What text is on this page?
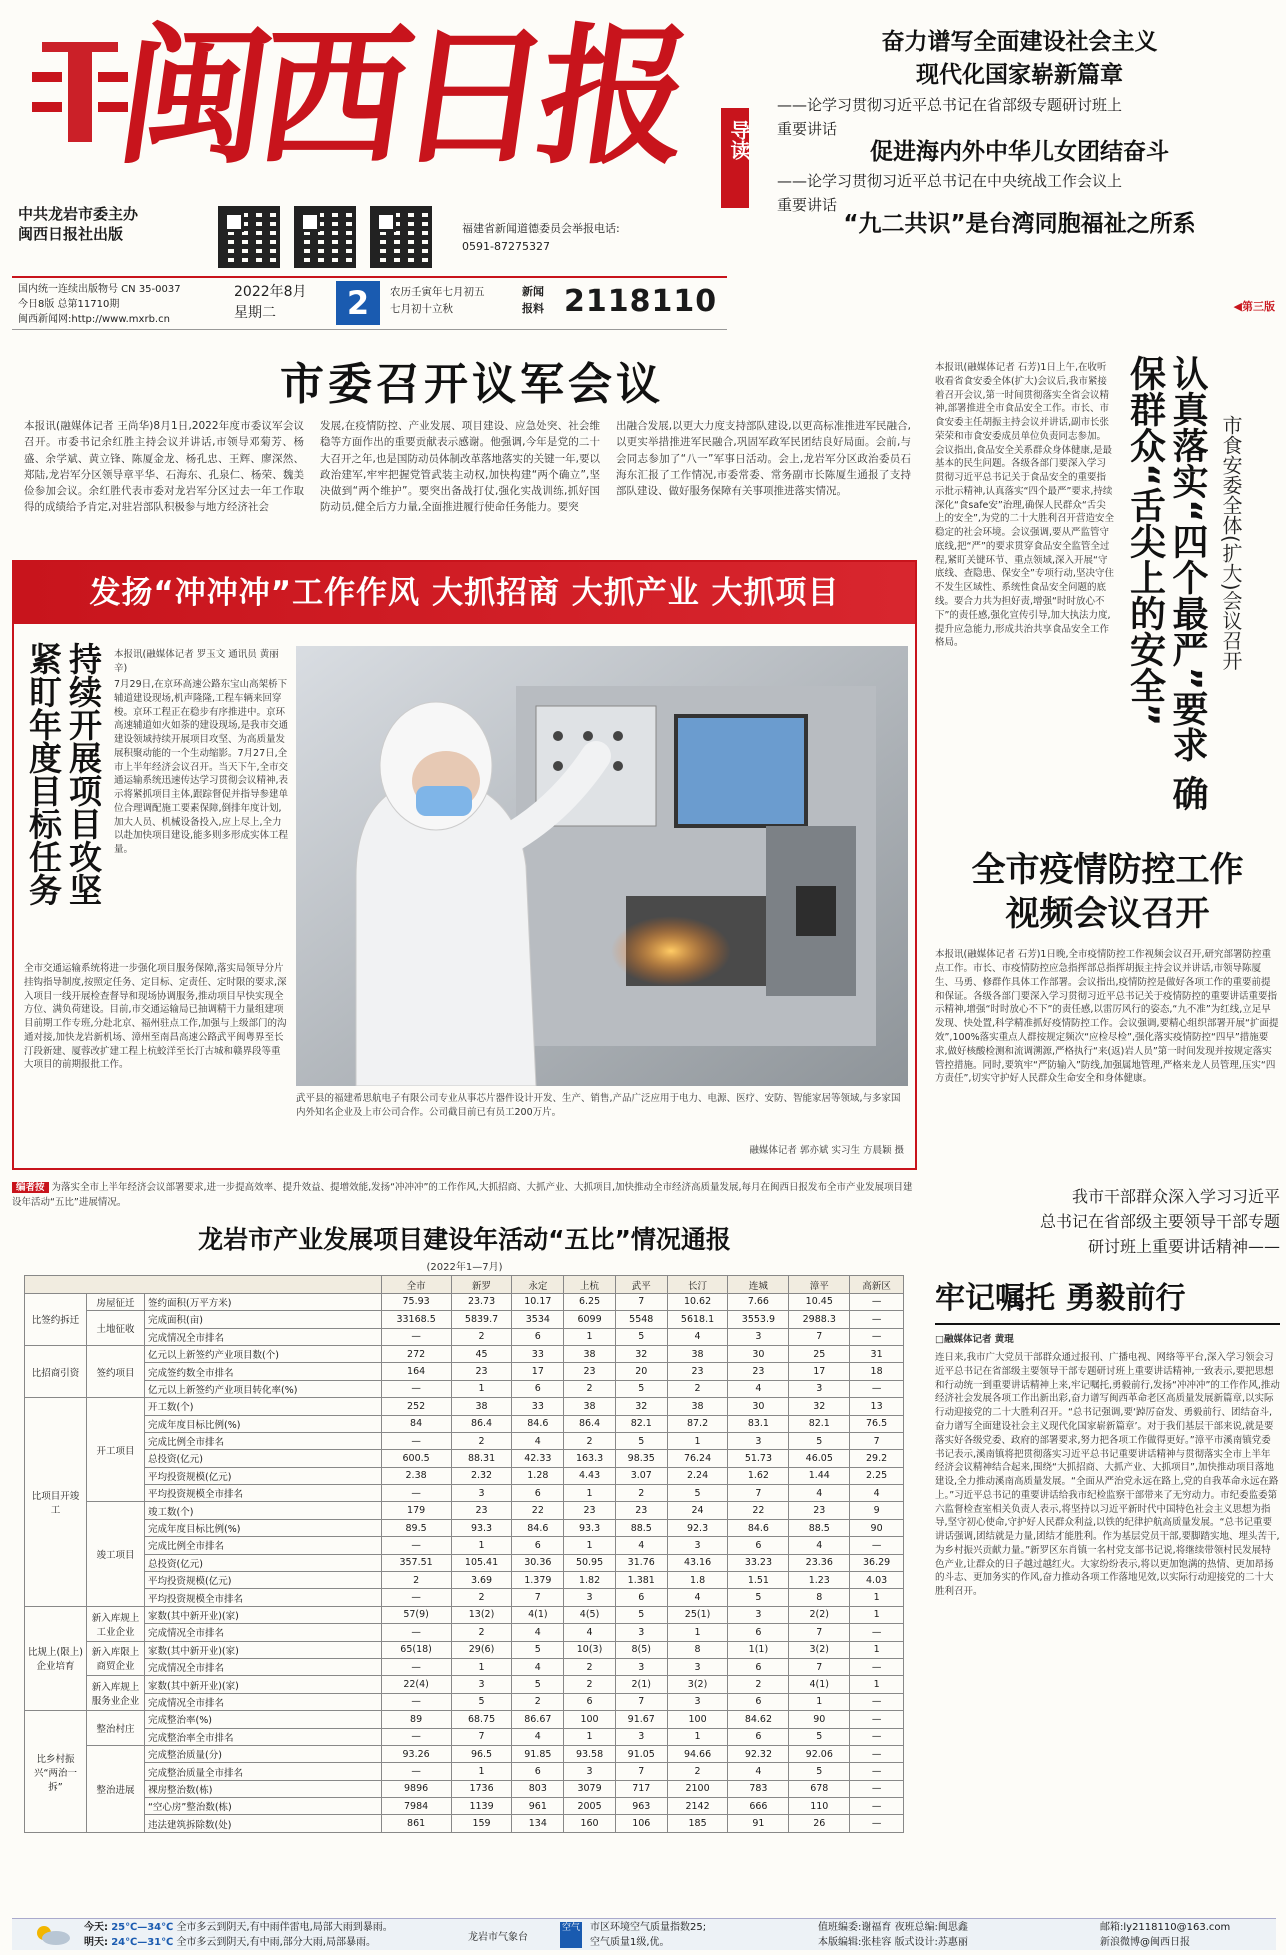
闽西日报
中共龙岩市委主办
闽西日报社出版	福建省新闻道德委员会举报电话:
0591-87275327
国内统一连续出版物号 CN 35-0037
今日8版 总第11710期
闽西新闻网:http://www.mxrb.cn
2022年8月
星期二	2	农历壬寅年七月初五
七月初十立秋
新闻
报料 2118110
导读
奋力谱写全面建设社会主义
现代化国家崭新篇章
——论学习贯彻习近平总书记在省部级专题研讨班上
重要讲话
促进海内外中华儿女团结奋斗
——论学习贯彻习近平总书记在中央统战工作会议上
重要讲话
“九二共识”是台湾同胞福祉之所系
◀第三版
市委召开议军会议
本报讯(融媒体记者 王尚华)8月1日,2022年度市委议军会议召开。市委书记余红胜主持会议并讲话,市领导邓菊芳、杨盛、余学斌、黄立锋、陈厦金龙、杨孔忠、王辉、廖深然、郑陆,龙岩军分区领导章平华、石海东、孔泉仁、杨荣、魏美俭参加会议。余红胜代表市委对龙岩军分区过去一年工作取得的成绩给予肯定,对驻岩部队积极参与地方经济社会
发展,在疫情防控、产业发展、项目建设、应急处突、社会维稳等方面作出的重要贡献表示感谢。他强调,今年是党的二十大召开之年,也是国防动员体制改革落地落实的关键一年,要以政治建军,牢牢把握党管武装主动权,加快构建“两个确立”,坚决做到“两个维护”。要突出备战打仗,强化实战训练,抓好国防动员,健全后方力量,全面推进履行使命任务能力。要突
出融合发展,以更大力度支持部队建设,以更高标准推进军民融合,以更实举措推进军民融合,巩固军政军民团结良好局面。会前,与会同志参加了“八一”军事日活动。会上,龙岩军分区政治委员石海东汇报了工作情况,市委常委、常务副市长陈厦生通报了支持部队建设、做好服务保障有关事项推进落实情况。
发扬“冲冲冲”工作作风 大抓招商 大抓产业 大抓项目
持续开展项目攻坚
紧盯年度目标任务	本报讯(融媒体记者 罗玉文 通讯员 黄丽辛)
7月29日,在京环高速公路东宝山高架桥下辅道建设现场,机声隆隆,工程车辆来回穿梭。京环工程正在稳步有序推进中。京环高速辅道如火如荼的建设现场,是我市交通建设领域持续开展项目攻坚、为高质量发展积聚动能的一个生动缩影。7月27日,全市上半年经济会议召开。当天下午,全市交通运输系统迅速传达学习贯彻会议精神,表示将紧抓项目主体,跟踪督促并指导参建单位合理调配施工要素保障,倒排年度计划,加大人员、机械设备投入,应上尽上,全力以赴加快项目建设,能多则多形成实体工程量。
全市交通运输系统将进一步强化项目服务保障,落实局领导分片挂钩指导制度,按照定任务、定目标、定责任、定时限的要求,深入项目一线开展检查督导和现场协调服务,推动项目早快实现全方位、满负荷建设。目前,市交通运输局已抽调精干力量组建项目前期工作专班,分赴北京、福州驻点工作,加强与上级部门的沟通对接,加快龙岩新机场、漳州至南昌高速公路武平闽粤界至长汀段新建、厦蓉改扩建工程上杭蛟洋至长汀古城和赣界段等重大项目的前期报批工作。
武平县的福建希思航电子有限公司专业从事芯片器件设计开发、生产、销售,产品广泛应用于电力、电源、医疗、安防、智能家居等领域,与多家国内外知名企业及上市公司合作。公司截目前已有员工200万片。
融媒体记者 郭亦斌 实习生 方晨颖 摄
本报讯(融媒体记者 石芳)1日上午,在收听收看省食安委全体(扩大)会议后,我市紧接着召开会议,第一时间贯彻落实全省会议精神,部署推进全市食品安全工作。市长、市食安委主任胡振主持会议并讲话,副市长张荣荣和市食安委成员单位负责同志参加。会议指出,食品安全关系群众身体健康,是最基本的民生问题。各级各部门要深入学习贯彻习近平总书记关于食品安全的重要指示批示精神,认真落实“四个最严”要求,持续深化“食safe安”治理,确保人民群众“舌尖上的安全”,为党的二十大胜利召开营造安全稳定的社会环境。会议强调,要从严监管守底线,把“严”的要求贯穿食品安全监管全过程,紧盯关键环节、重点领域,深入开展“守底线、查隐患、保安全”专项行动,坚决守住不发生区域性、系统性食品安全问题的底线。要合力共为担好责,增强“时时放心不下”的责任感,强化宣传引导,加大执法力度,提升应急能力,形成共治共享食品安全工作格局。	认真落实“四个最严”要求 确保群众“舌尖上的安全”	市食安委全体(扩大)会议召开
全市疫情防控工作
视频会议召开
本报讯(融媒体记者 石芳)1日晚,全市疫情防控工作视频会议召开,研究部署防控重点工作。市长、市疫情防控应急指挥部总指挥胡振主持会议并讲话,市领导陈厦生、马勇、修群作具体工作部署。会议指出,疫情防控是做好各项工作的重要前提和保证。各级各部门要深入学习贯彻习近平总书记关于疫情防控的重要讲话重要指示精神,增强“时时放心不下”的责任感,以雷厉风行的姿态,“九不准”为红线,立足早发现、快处置,科学精准抓好疫情防控工作。会议强调,要精心组织部署开展“扩面提效”,100%落实重点人群按规定频次“应检尽检”,强化落实疫情防控“四早”措施要求,做好核酸检测和流调溯源,严格执行“来(返)岩人员”第一时间发现并按规定落实管控措施。同时,要筑牢“严防输入”防线,加强属地管理,严格来龙人员管理,压实“四方责任”,切实守护好人民群众生命安全和身体健康。
编者按 为落实全市上半年经济会议部署要求,进一步提高效率、提升效益、提增效能,发扬“冲冲冲”的工作作风,大抓招商、大抓产业、大抓项目,加快推动全市经济高质量发展,每月在闽西日报发布全市产业发展项目建设年活动“五比”进展情况。
龙岩市产业发展项目建设年活动“五比”情况通报
(2022年1—7月)
			全市	新罗	永定	上杭	武平	长汀	连城	漳平	高新区
比签约拆迁	房屋征迁	签约面积(万平方米)	75.93	23.73	10.17	6.25	7	10.62	7.66	10.45	—
	土地征收	完成面积(亩)	33168.5	5839.7	3534	6099	5548	5618.1	3553.9	2988.3	—
		完成情况全市排名	—	2	6	1	5	4	3	7	—
比招商引资	签约项目	亿元以上新签约产业项目数(个)	272	45	33	38	32	38	30	25	31
		完成签约数全市排名	164	23	17	23	20	23	23	17	18
		亿元以上新签约产业项目转化率(%)	—	1	6	2	5	2	4	3	—
比项目开竣工	开工项目	开工数(个)	252	38	33	38	32	38	30	32	13
		完成年度目标比例(%)	84	86.4	84.6	86.4	82.1	87.2	83.1	82.1	76.5
		完成比例全市排名	—	2	4	2	5	1	3	5	7
		总投资(亿元)	600.5	88.31	42.33	163.3	98.35	76.24	51.73	46.05	29.2
		平均投资规模(亿元)	2.38	2.32	1.28	4.43	3.07	2.24	1.62	1.44	2.25
		平均投资规模全市排名	—	3	6	1	2	5	7	4	4
	竣工项目	竣工数(个)	179	23	22	23	23	24	22	23	9
		完成年度目标比例(%)	89.5	93.3	84.6	93.3	88.5	92.3	84.6	88.5	90
		完成比例全市排名	—	1	6	1	4	3	6	4	—
		总投资(亿元)	357.51	105.41	30.36	50.95	31.76	43.16	33.23	23.36	36.29
		平均投资规模(亿元)	2	3.69	1.379	1.82	1.381	1.8	1.51	1.23	4.03
		平均投资规模全市排名	—	2	7	3	6	4	5	8	1
比规上(限上)企业培育	新入库规上工业企业	家数(其中新开业)(家)	57(9)	13(2)	4(1)	4(5)	5	25(1)	3	2(2)	1
		完成情况全市排名	—	2	4	4	3	1	6	7	—
	新入库限上商贸企业	家数(其中新开业)(家)	65(18)	29(6)	5	10(3)	8(5)	8	1(1)	3(2)	1
		完成情况全市排名	—	1	4	2	3	3	6	7	—
	新入库规上服务业企业	家数(其中新开业)(家)	22(4)	3	5	2	2(1)	3(2)	2	4(1)	1
		完成情况全市排名	—	5	2	6	7	3	6	1	—
比乡村振兴“两治一拆”	整治村庄	完成整治率(%)	89	68.75	86.67	100	91.67	100	84.62	90	—
		完成整治率全市排名	—	7	4	1	3	1	6	5	—
	整治进展	完成整治质量(分)	93.26	96.5	91.85	93.58	91.05	94.66	92.32	92.06	—
		完成整治质量全市排名	—	1	6	3	7	2	4	5	—
		裸房整治数(栋)	9896	1736	803	3079	717	2100	783	678	—
		“空心房”整治数(栋)	7984	1139	961	2005	963	2142	666	110	—
		违法建筑拆除数(处)	861	159	134	160	106	185	91	26	—
我市干部群众深入学习习近平
总书记在省部级主要领导干部专题
研讨班上重要讲话精神——
牢记嘱托 勇毅前行
□融媒体记者 黄琨
连日来,我市广大党员干部群众通过报刊、广播电视、网络等平台,深入学习领会习近平总书记在省部级主要领导干部专题研讨班上重要讲话精神,一致表示,要把思想和行动统一到重要讲话精神上来,牢记嘱托,勇毅前行,发扬“冲冲冲”的工作作风,推动经济社会发展各项工作出新出彩,奋力谱写闽西革命老区高质量发展新篇章,以实际行动迎接党的二十大胜利召开。“总书记强调,要‘踔厉奋发、勇毅前行、团结奋斗,奋力谱写全面建设社会主义现代化国家崭新篇章’。对于我们基层干部来说,就是要落实好各级党委、政府的部署要求,努力把各项工作做得更好。”漳平市溪南镇党委书记表示,溪南镇将把贯彻落实习近平总书记重要讲话精神与贯彻落实全市上半年经济会议精神结合起来,围绕“大抓招商、大抓产业、大抓项目”,加快推动项目落地建设,全力推动溪南高质量发展。“全面从严治党永远在路上,党的自我革命永远在路上。”习近平总书记的重要讲话给我市纪检监察干部带来了无穷动力。市纪委监委第六监督检查室相关负责人表示,将坚持以习近平新时代中国特色社会主义思想为指导,坚守初心使命,守护好人民群众利益,以铁的纪律护航高质量发展。“总书记重要讲话强调,团结就是力量,团结才能胜利。作为基层党员干部,要脚踏实地、埋头苦干,为乡村振兴贡献力量。”新罗区东肖镇一名村党支部书记说,将继续带领村民发展特色产业,让群众的日子越过越红火。大家纷纷表示,将以更加饱满的热情、更加昂扬的斗志、更加务实的作风,奋力推动各项工作落地见效,以实际行动迎接党的二十大胜利召开。
今天: 25℃—34℃ 全市多云到阴天,有中雨伴雷电,局部大雨到暴雨。
明天: 24℃—31℃ 全市多云到阴天,有中雨,部分大雨,局部暴雨。	龙岩市气象台
空气 市区环境空气质量指数25;
空气质量1级,优。
值班编委:谢福育 夜班总编:闽思鑫
本版编辑:张桂容 版式设计:苏惠丽
邮箱:ly2118110@163.com
新浪微博@闽西日报
